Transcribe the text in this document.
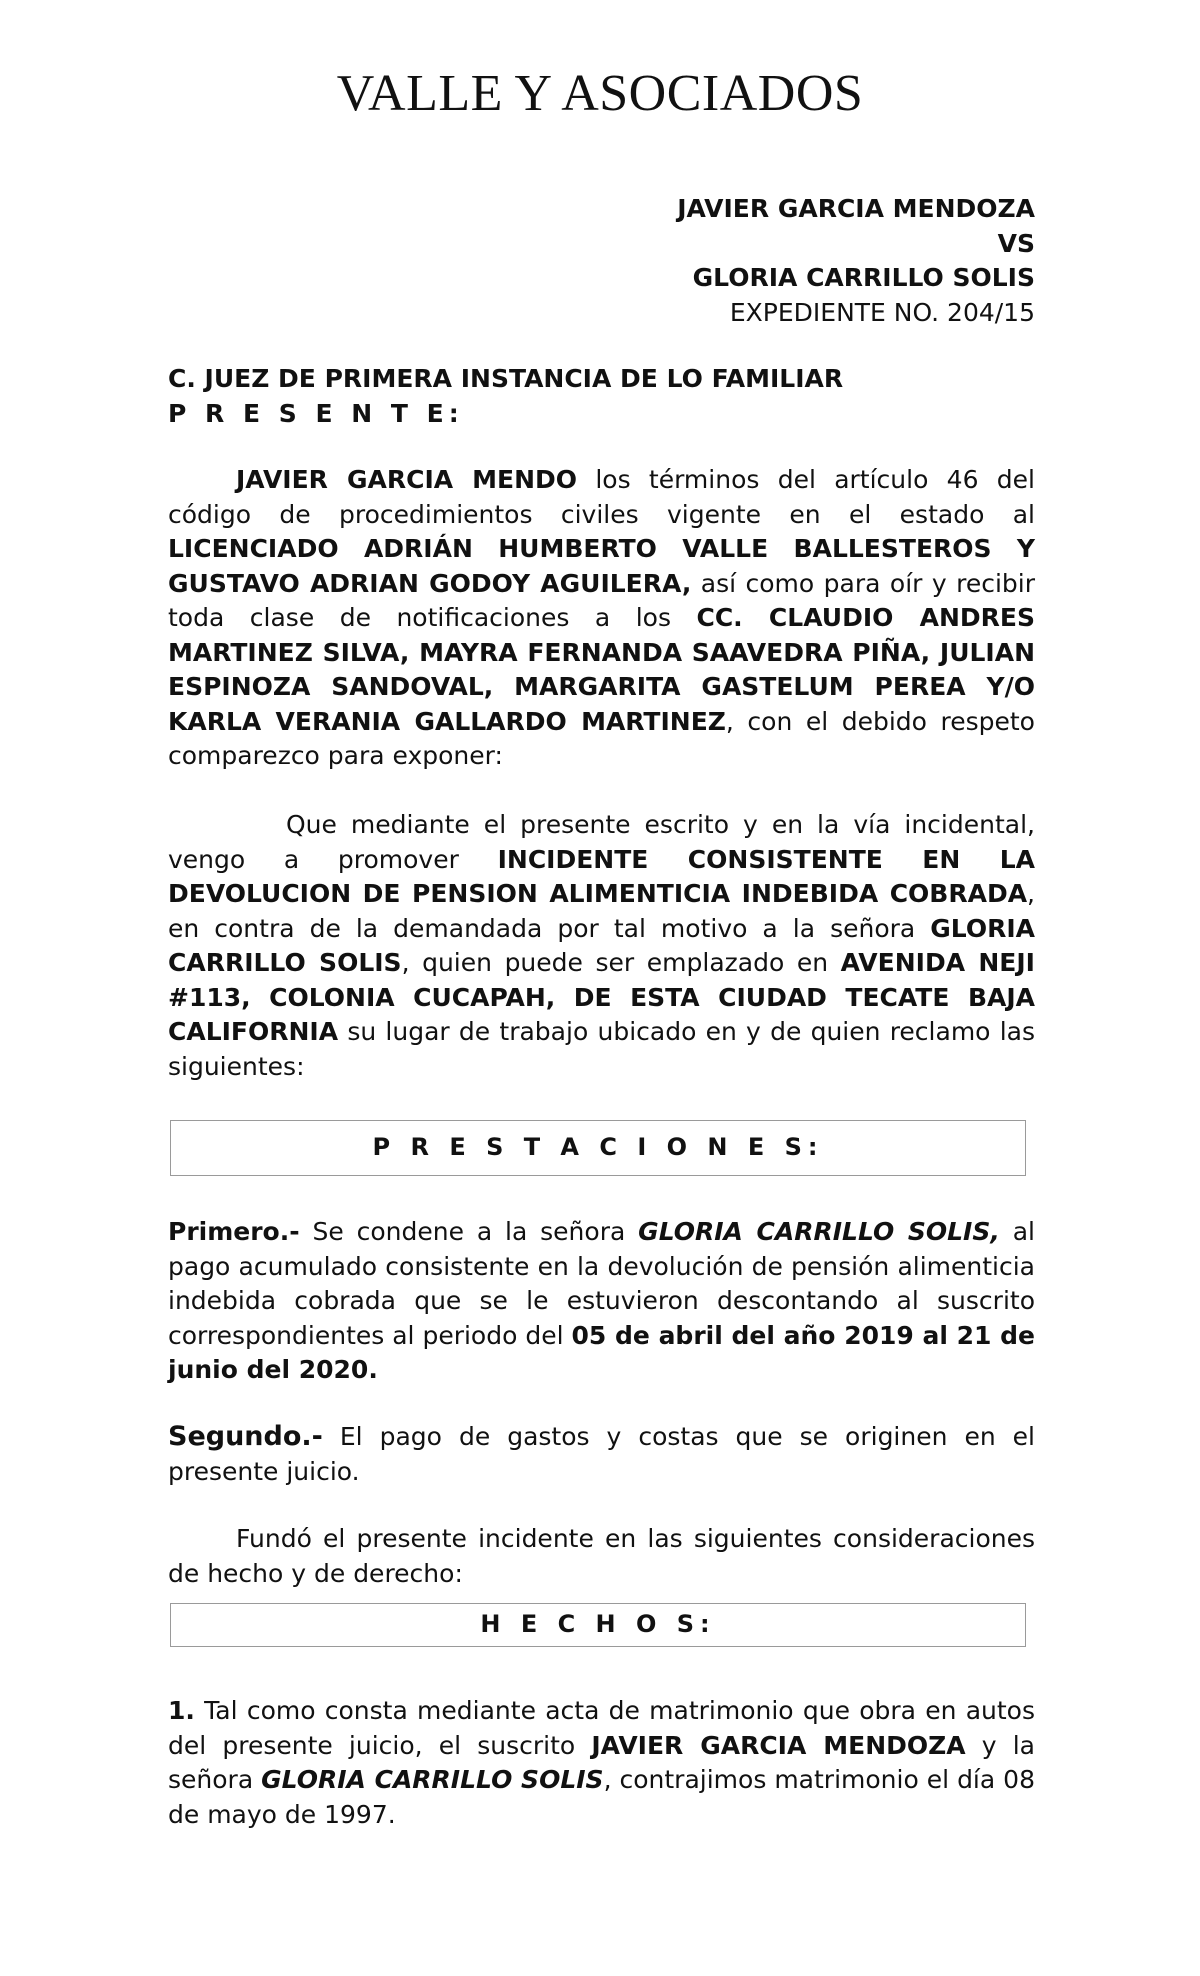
VALLE Y ASOCIADOS
JAVIER GARCIA MENDOZA
VS
GLORIA CARRILLO SOLIS
EXPEDIENTE NO. 204/15
C. JUEZ DE PRIMERA INSTANCIA DE LO FAMILIAR
P R E S E N T E:

JAVIER GARCIA MENDO los términos del artículo 46 del código de procedimientos civiles vigente en el estado al LICENCIADO ADRIÁN HUMBERTO VALLE BALLESTEROS Y GUSTAVO ADRIAN GODOY AGUILERA, así como para oír y recibir toda clase de notificaciones a los CC. CLAUDIO ANDRES MARTINEZ SILVA, MAYRA FERNANDA SAAVEDRA PIÑA, JULIAN ESPINOZA SANDOVAL, MARGARITA GASTELUM PEREA Y/O KARLA VERANIA GALLARDO MARTINEZ, con el debido respeto comparezco para exponer:

Que mediante el presente escrito y en la vía incidental, vengo a promover INCIDENTE CONSISTENTE EN LA DEVOLUCION DE PENSION ALIMENTICIA INDEBIDA COBRADA, en contra de la demandada por tal motivo a la señora GLORIA CARRILLO SOLIS, quien puede ser emplazado en AVENIDA NEJI #113, COLONIA CUCAPAH, DE ESTA CIUDAD TECATE BAJA CALIFORNIA su lugar de trabajo ubicado en y de quien reclamo las siguientes:

P R E S T A C I O N E S:

Primero.- Se condene a la señora GLORIA CARRILLO SOLIS, al pago acumulado consistente en la devolución de pensión alimenticia indebida cobrada que se le estuvieron descontando al suscrito correspondientes al periodo del 05 de abril del año 2019 al 21 de junio del 2020.

Segundo.- El pago de gastos y costas que se originen en el presente juicio.

Fundó el presente incidente en las siguientes consideraciones de hecho y de derecho:

H E C H O S:

1. Tal como consta mediante acta de matrimonio que obra en autos del presente juicio, el suscrito JAVIER GARCIA MENDOZA y la señora GLORIA CARRILLO SOLIS, contrajimos matrimonio el día 08 de mayo de 1997.
